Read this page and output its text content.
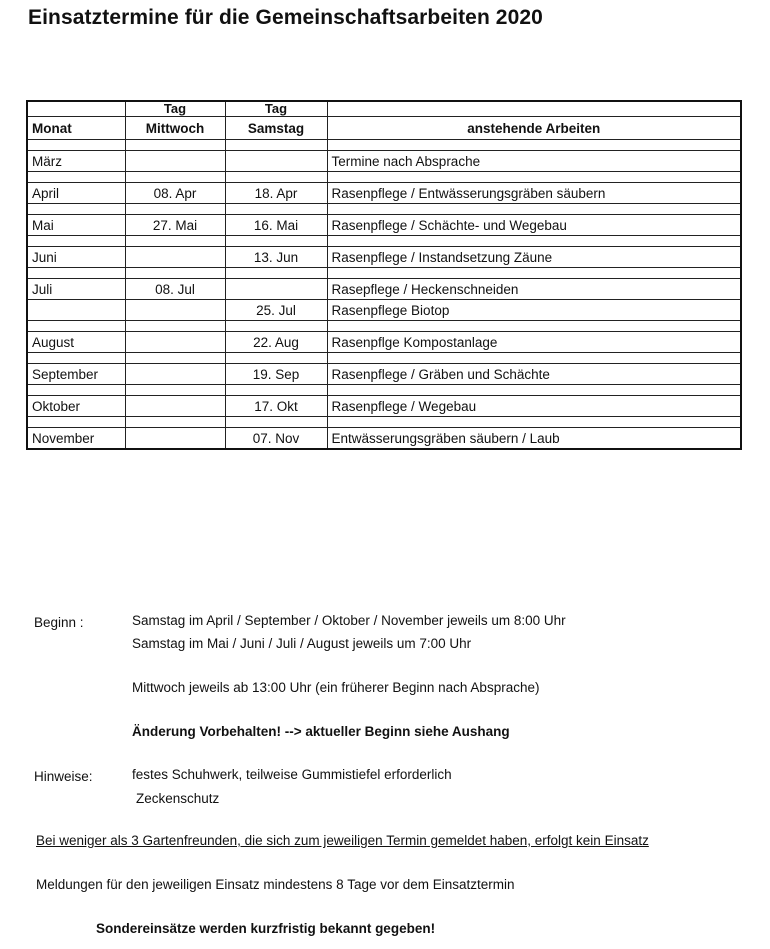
Einsatztermine für die Gemeinschaftsarbeiten 2020
	Tag	Tag	
Monat	Mittwoch	Samstag	anstehende Arbeiten

März			Termine nach Absprache

April	08. Apr	18. Apr	Rasenpflege / Entwässerungsgräben säubern

Mai	27. Mai	16. Mai	Rasenpflege / Schächte- und Wegebau

Juni		13. Jun	Rasenpflege / Instandsetzung Zäune

Juli	08. Jul		Rasepflege / Heckenschneiden
		25. Jul	Rasenpflege Biotop

August		22. Aug	Rasenpflge Kompostanlage

September		19. Sep	Rasenpflege / Gräben und Schächte

Oktober		17. Okt	Rasenpflege / Wegebau

November		07. Nov	Entwässerungsgräben säubern / Laub
Beginn :	Samstag im April / September / Oktober / November jeweils um 8:00 Uhr
Samstag im Mai / Juni / Juli / August jeweils um 7:00 Uhr
Mittwoch jeweils ab 13:00 Uhr (ein früherer Beginn nach Absprache)
Änderung Vorbehalten! --> aktueller Beginn siehe Aushang
Hinweise:	festes Schuhwerk, teilweise Gummistiefel erforderlich
Zeckenschutz
Bei weniger als 3 Gartenfreunden, die sich zum jeweiligen Termin gemeldet haben, erfolgt kein Einsatz
Meldungen für den jeweiligen Einsatz mindestens 8 Tage vor dem Einsatztermin
Sondereinsätze werden kurzfristig bekannt gegeben!
